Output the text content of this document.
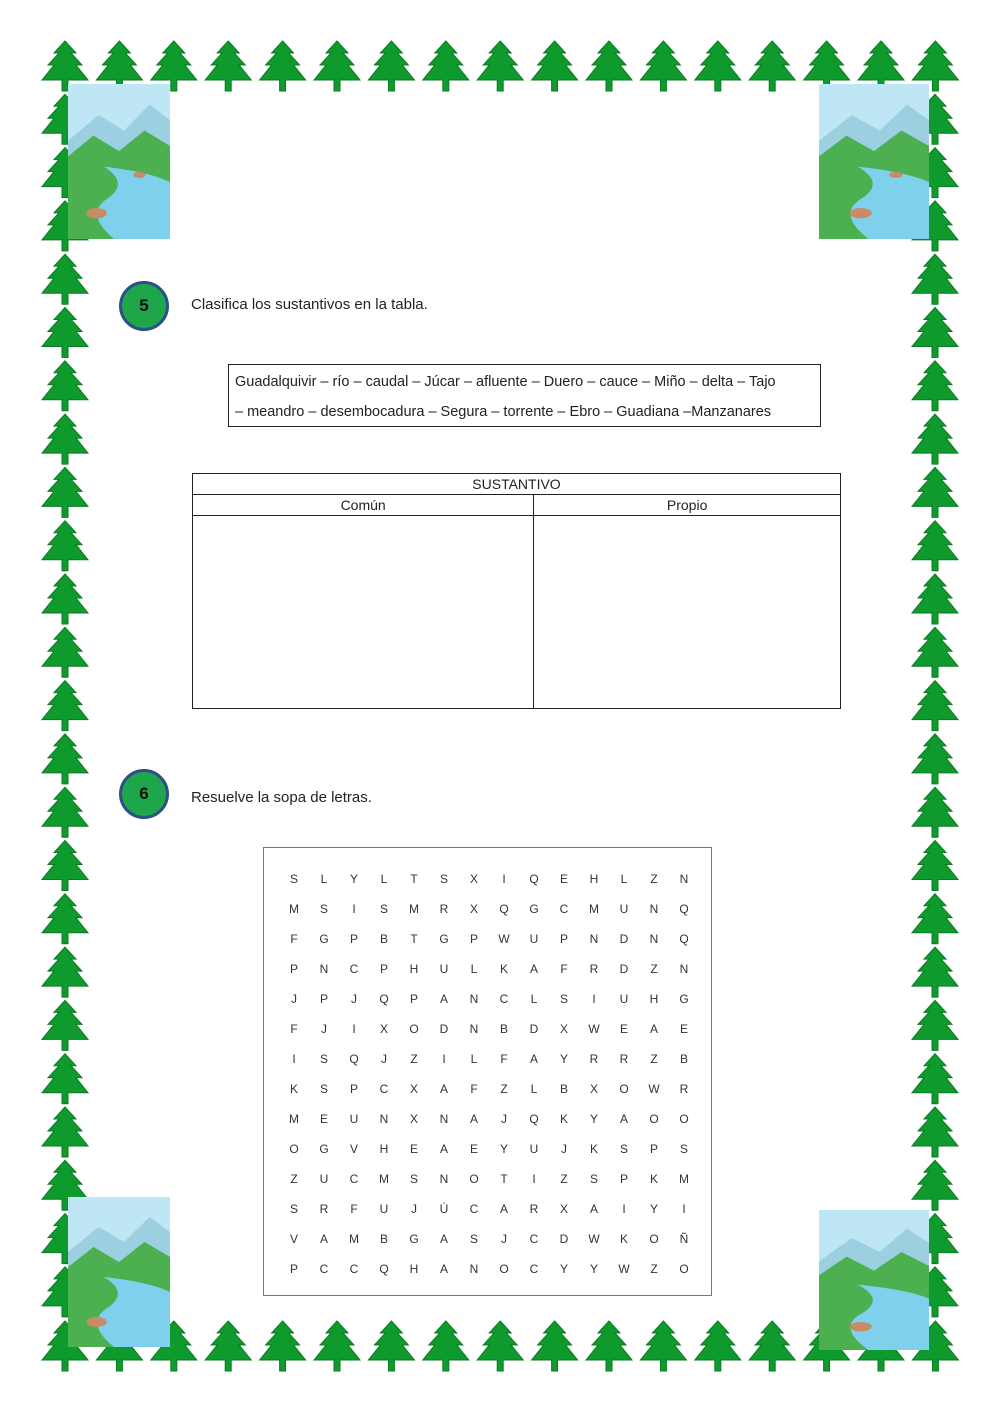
5	Clasifica los sustantivos en la tabla.
Guadalquivir – río – caudal – Júcar – afluente – Duero – cauce – Miño – delta – Tajo
– meandro – desembocadura – Segura – torrente – Ebro – Guadiana –Manzanares
SUSTANTIVO	
Común	Propio

6	Resuelve la sopa de letras.
S	L	Y	L	T	S	X	I	Q	E	H	L	Z	N
M	S	I	S	M	R	X	Q	G	C	M	U	N	Q
F	G	P	B	T	G	P	W	U	P	N	D	N	Q
P	N	C	P	H	U	L	K	A	F	R	D	Z	N
J	P	J	Q	P	A	N	C	L	S	I	U	H	G
F	J	I	X	O	D	N	B	D	X	W	E	A	E
I	S	Q	J	Z	I	L	F	A	Y	R	R	Z	B
K	S	P	C	X	A	F	Z	L	B	X	O	W	R
M	E	U	N	X	N	A	J	Q	K	Y	A	O	O
O	G	V	H	E	A	E	Y	U	J	K	S	P	S
Z	U	C	M	S	N	O	T	I	Z	S	P	K	M
S	R	F	U	J	Ú	C	A	R	X	A	I	Y	I
V	A	M	B	G	A	S	J	C	D	W	K	O	Ñ
P	C	C	Q	H	A	N	O	C	Y	Y	W	Z	O
